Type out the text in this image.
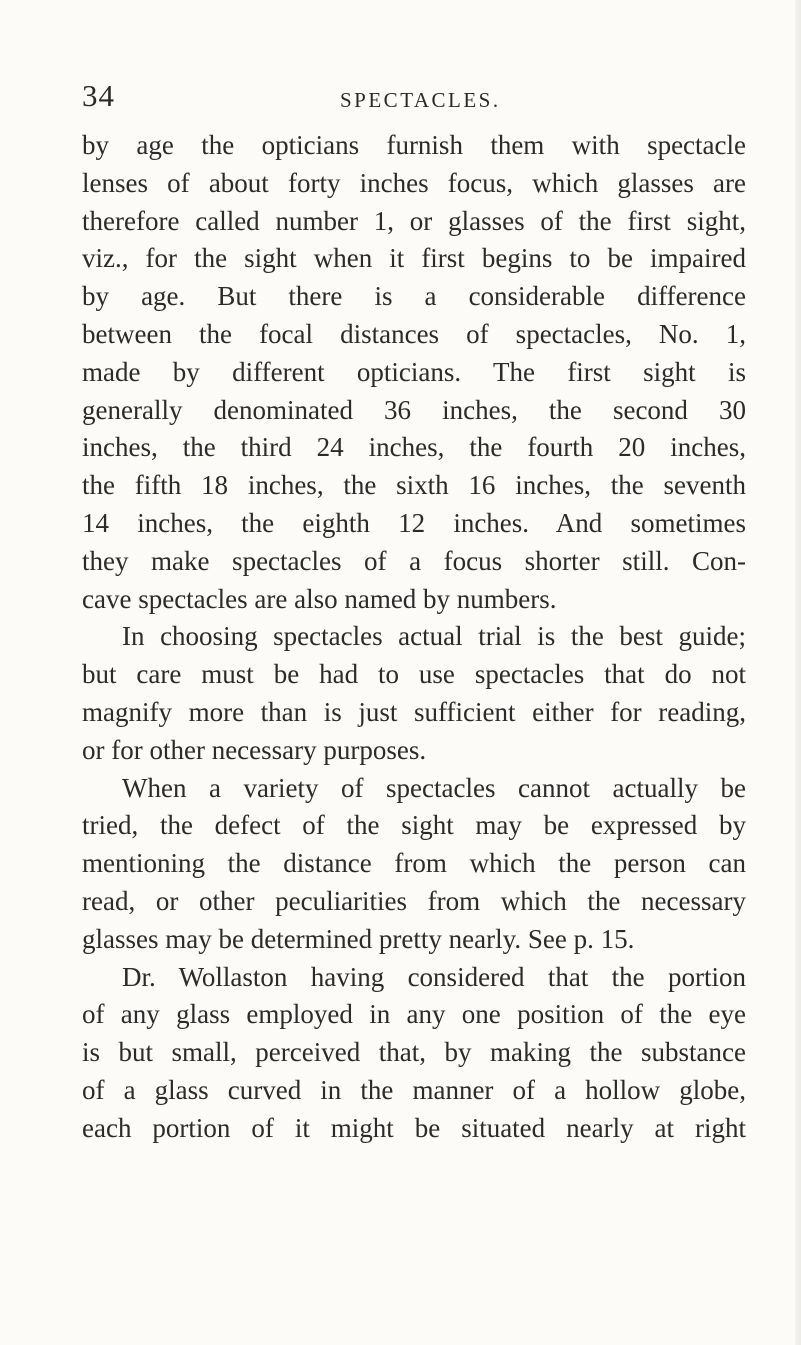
34	SPECTACLES.
by age the opticians furnish them with spectacle
lenses of about forty inches focus, which glasses are
therefore called number 1, or glasses of the first sight,
viz., for the sight when it first begins to be impaired
by age. But there is a considerable difference
between the focal distances of spectacles, No. 1,
made by different opticians. The first sight is
generally denominated 36 inches, the second 30
inches, the third 24 inches, the fourth 20 inches,
the fifth 18 inches, the sixth 16 inches, the seventh
14 inches, the eighth 12 inches. And sometimes
they make spectacles of a focus shorter still. Con-
cave spectacles are also named by numbers.
In choosing spectacles actual trial is the best guide;
but care must be had to use spectacles that do not
magnify more than is just sufficient either for reading,
or for other necessary purposes.
When a variety of spectacles cannot actually be
tried, the defect of the sight may be expressed by
mentioning the distance from which the person can
read, or other peculiarities from which the necessary
glasses may be determined pretty nearly. See p. 15.
Dr. Wollaston having considered that the portion
of any glass employed in any one position of the eye
is but small, perceived that, by making the substance
of a glass curved in the manner of a hollow globe,
each portion of it might be situated nearly at right
